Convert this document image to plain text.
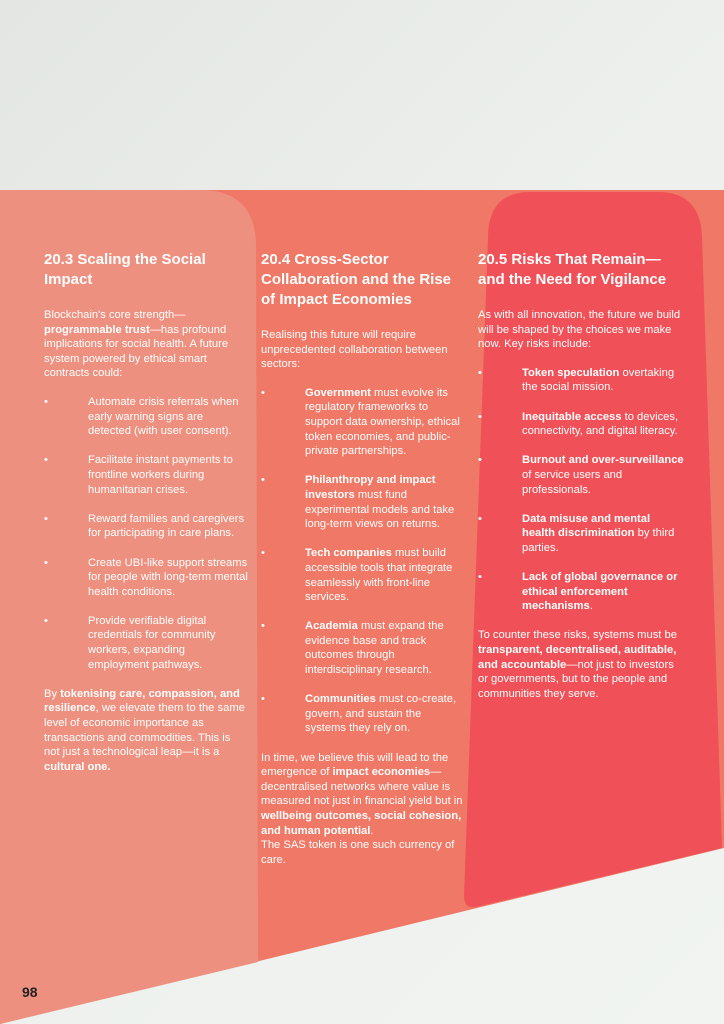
20.3 Scaling the Social Impact

Blockchain's core strength—programmable trust—has profound implications for social health. A future system powered by ethical smart contracts could:

• Automate crisis referrals when early warning signs are detected (with user consent).
• Facilitate instant payments to frontline workers during humanitarian crises.
• Reward families and caregivers for participating in care plans.
• Create UBI-like support streams for people with long-term mental health conditions.
• Provide verifiable digital credentials for community workers, expanding employment pathways.

By tokenising care, compassion, and resilience, we elevate them to the same level of economic importance as transactions and commodities. This is not just a technological leap—it is a cultural one.

20.4 Cross-Sector Collaboration and the Rise of Impact Economies

Realising this future will require unprecedented collaboration between sectors:

• Government must evolve its regulatory frameworks to support data ownership, ethical token economies, and public-private partnerships.
• Philanthropy and impact investors must fund experimental models and take long-term views on returns.
• Tech companies must build accessible tools that integrate seamlessly with front-line services.
• Academia must expand the evidence base and track outcomes through interdisciplinary research.
• Communities must co-create, govern, and sustain the systems they rely on.

In time, we believe this will lead to the emergence of impact economies—decentralised networks where value is measured not just in financial yield but in wellbeing outcomes, social cohesion, and human potential.
The SAS token is one such currency of care.

20.5 Risks That Remain—and the Need for Vigilance

As with all innovation, the future we build will be shaped by the choices we make now. Key risks include:

• Token speculation overtaking the social mission.
• Inequitable access to devices, connectivity, and digital literacy.
• Burnout and over-surveillance of service users and professionals.
• Data misuse and mental health discrimination by third parties.
• Lack of global governance or ethical enforcement mechanisms.

To counter these risks, systems must be transparent, decentralised, auditable, and accountable—not just to investors or governments, but to the people and communities they serve.

98
